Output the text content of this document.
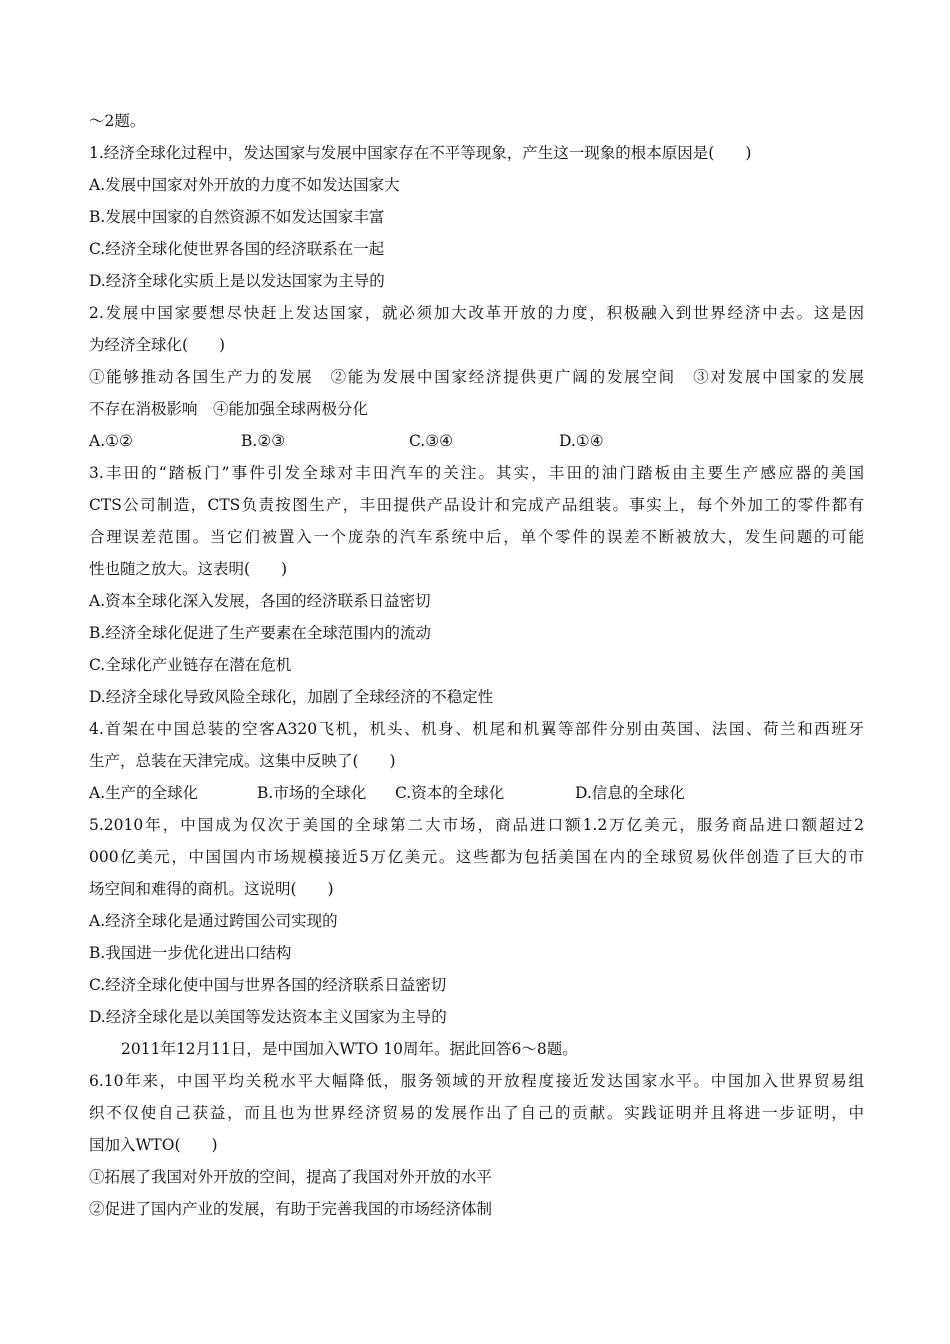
～2题。
1.经济全球化过程中，发达国家与发展中国家存在不平等现象，产生这一现象的根本原因是(　　)
A.发展中国家对外开放的力度不如发达国家大
B.发展中国家的自然资源不如发达国家丰富
C.经济全球化使世界各国的经济联系在一起
D.经济全球化实质上是以发达国家为主导的
2.发展中国家要想尽快赶上发达国家，就必须加大改革开放的力度，积极融入到世界经济中去。这是因
为经济全球化(　　)
①能够推动各国生产力的发展　②能为发展中国家经济提供更广阔的发展空间　③对发展中国家的发展
不存在消极影响　④能加强全球两极分化
A.①②	B.②③	C.③④	D.①④
3.丰田的“踏板门”事件引发全球对丰田汽车的关注。其实，丰田的油门踏板由主要生产感应器的美国
CTS公司制造，CTS负责按图生产，丰田提供产品设计和完成产品组装。事实上，每个外加工的零件都有
合理误差范围。当它们被置入一个庞杂的汽车系统中后，单个零件的误差不断被放大，发生问题的可能
性也随之放大。这表明(　　)
A.资本全球化深入发展，各国的经济联系日益密切
B.经济全球化促进了生产要素在全球范围内的流动
C.全球化产业链存在潜在危机
D.经济全球化导致风险全球化，加剧了全球经济的不稳定性
4.首架在中国总装的空客A320飞机，机头、机身、机尾和机翼等部件分别由英国、法国、荷兰和西班牙
生产，总装在天津完成。这集中反映了(　　)
A.生产的全球化	B.市场的全球化	C.资本的全球化	D.信息的全球化
5.2010年，中国成为仅次于美国的全球第二大市场，商品进口额1.2万亿美元，服务商品进口额超过2
000亿美元，中国国内市场规模接近5万亿美元。这些都为包括美国在内的全球贸易伙伴创造了巨大的市
场空间和难得的商机。这说明(　　)
A.经济全球化是通过跨国公司实现的
B.我国进一步优化进出口结构
C.经济全球化使中国与世界各国的经济联系日益密切
D.经济全球化是以美国等发达资本主义国家为主导的
2011年12月11日，是中国加入WTO 10周年。据此回答6～8题。
6.10年来，中国平均关税水平大幅降低，服务领域的开放程度接近发达国家水平。中国加入世界贸易组
织不仅使自己获益，而且也为世界经济贸易的发展作出了自己的贡献。实践证明并且将进一步证明，中
国加入WTO(　　)
①拓展了我国对外开放的空间，提高了我国对外开放的水平
②促进了国内产业的发展，有助于完善我国的市场经济体制
